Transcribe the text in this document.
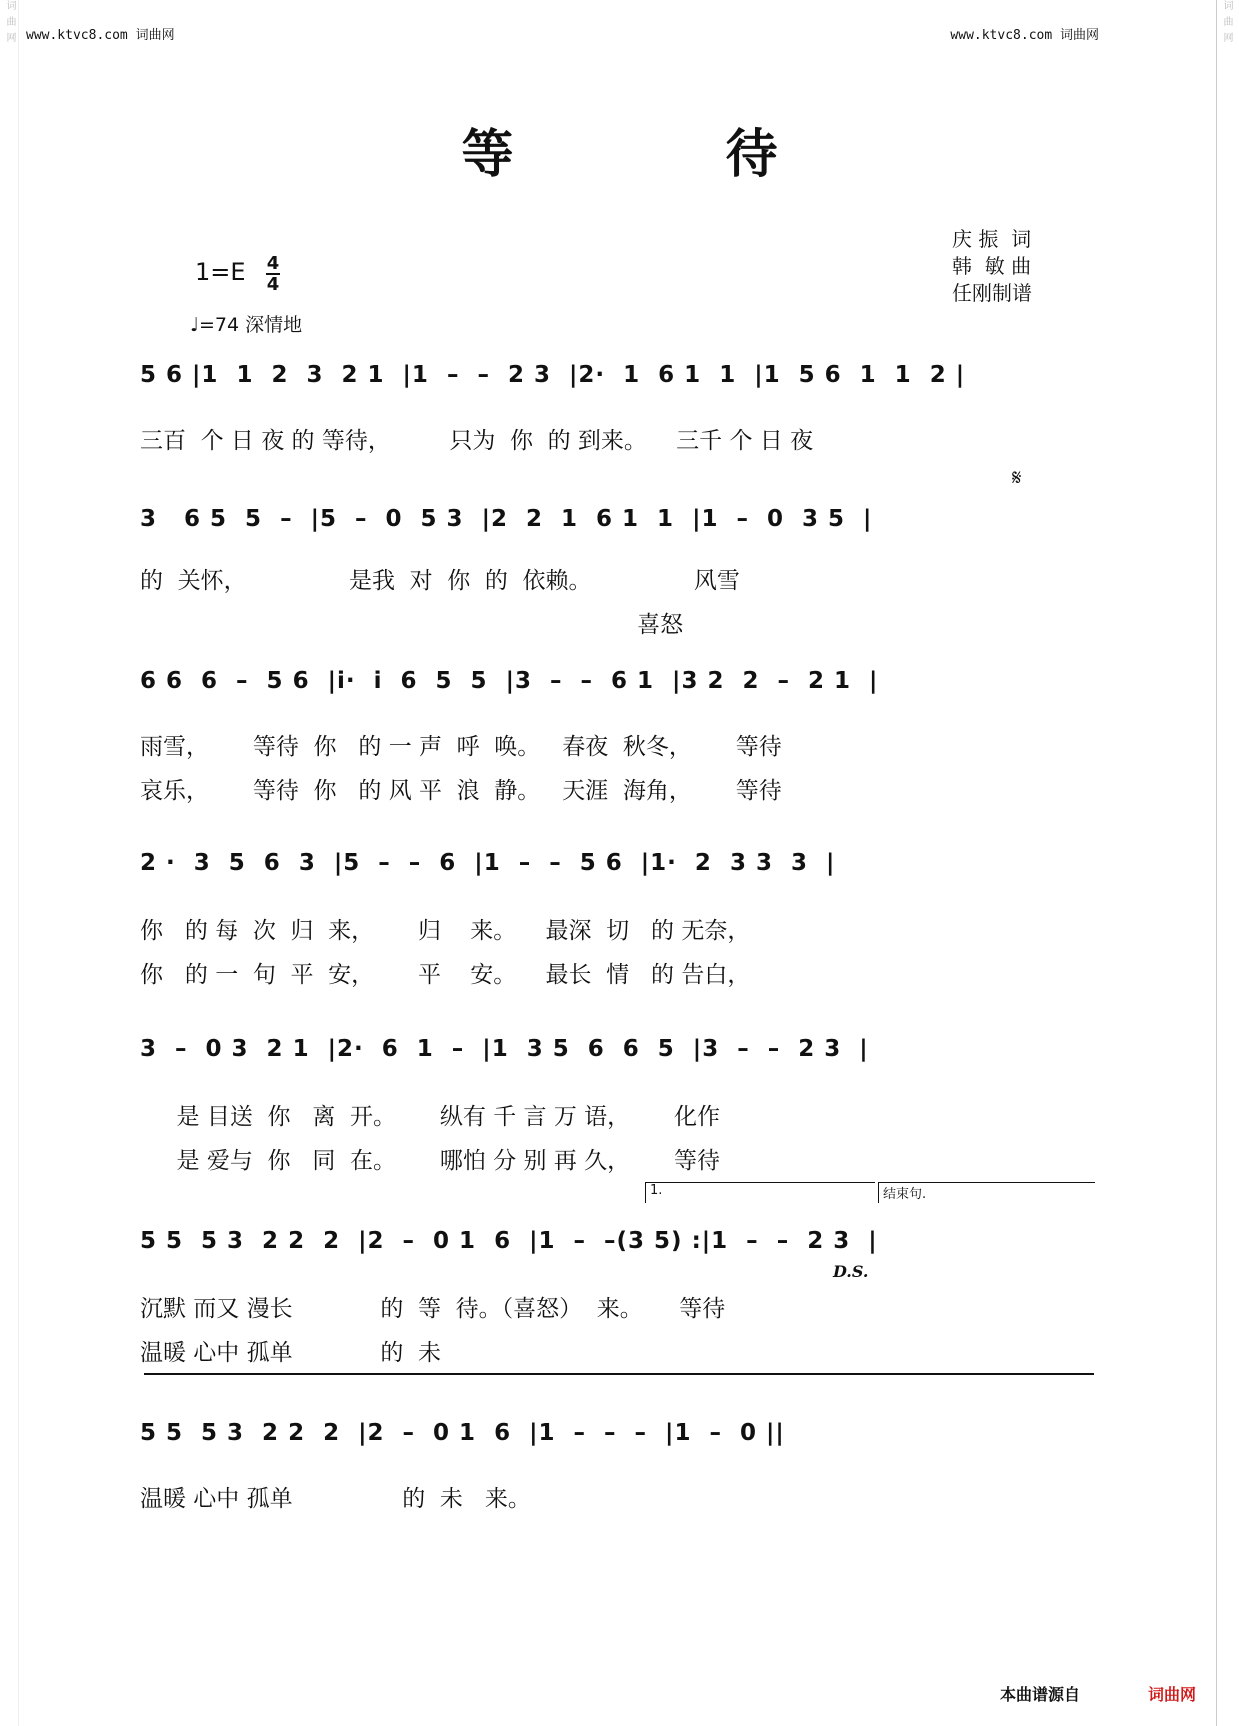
词曲网	词曲网
www.ktvc8.com 词曲网	www.ktvc8.com 词曲网
等　待
庆 振  词
韩  敏 曲
任刚制谱
1=E 4
4
♩=74 深情地
𝄋
D.S.
1.	结束句.
5 6 |1  1  2  3  2 1  |1  –  –  2 3  |2·  1  6 1  1  |1  5 6  1  1  2 |
三百  个 日 夜 的 等待，        只为  你  的 到来。    三千 个 日 夜
3   6 5  5  –  |5  –  0  5 3  |2  2  1  6 1  1  |1  –  0  3 5  |
的  关怀，              是我  对  你  的  依赖。              风雪
喜怒
6 6  6  –  5 6  |i·  i  6  5  5  |3  –  –  6 1  |3 2  2  –  2 1  |
雨雪，      等待  你   的 一 声  呼  唤。   春夜  秋冬，      等待
哀乐，      等待  你   的 风 平  浪  静。   天涯  海角，      等待
2 ·  3  5  6  3  |5  –  –  6  |1  –  –  5 6  |1·  2  3 3  3  |
你   的 每  次  归  来，      归    来。    最深  切   的 无奈，
你   的 一  句  平  安，      平    安。    最长  情   的 告白，
3  –  0 3  2 1  |2·  6  1  –  |1  3 5  6  6  5  |3  –  –  2 3  |
是 目送  你   离  开。      纵有 千 言 万 语，      化作
是 爱与  你   同  在。      哪怕 分 别 再 久，      等待
5 5  5 3  2 2  2  |2  –  0 1  6  |1  –  –(3 5) :|1  –  –  2 3  |
沉默 而又 漫长            的  等  待。（喜怒）  来。     等待
温暖 心中 孤单            的  未
5 5  5 3  2 2  2  |2  –  0 1  6  |1  –  –  –  |1  –  0 ||
温暖 心中 孤单               的  未   来。
本曲谱源自	词曲网
